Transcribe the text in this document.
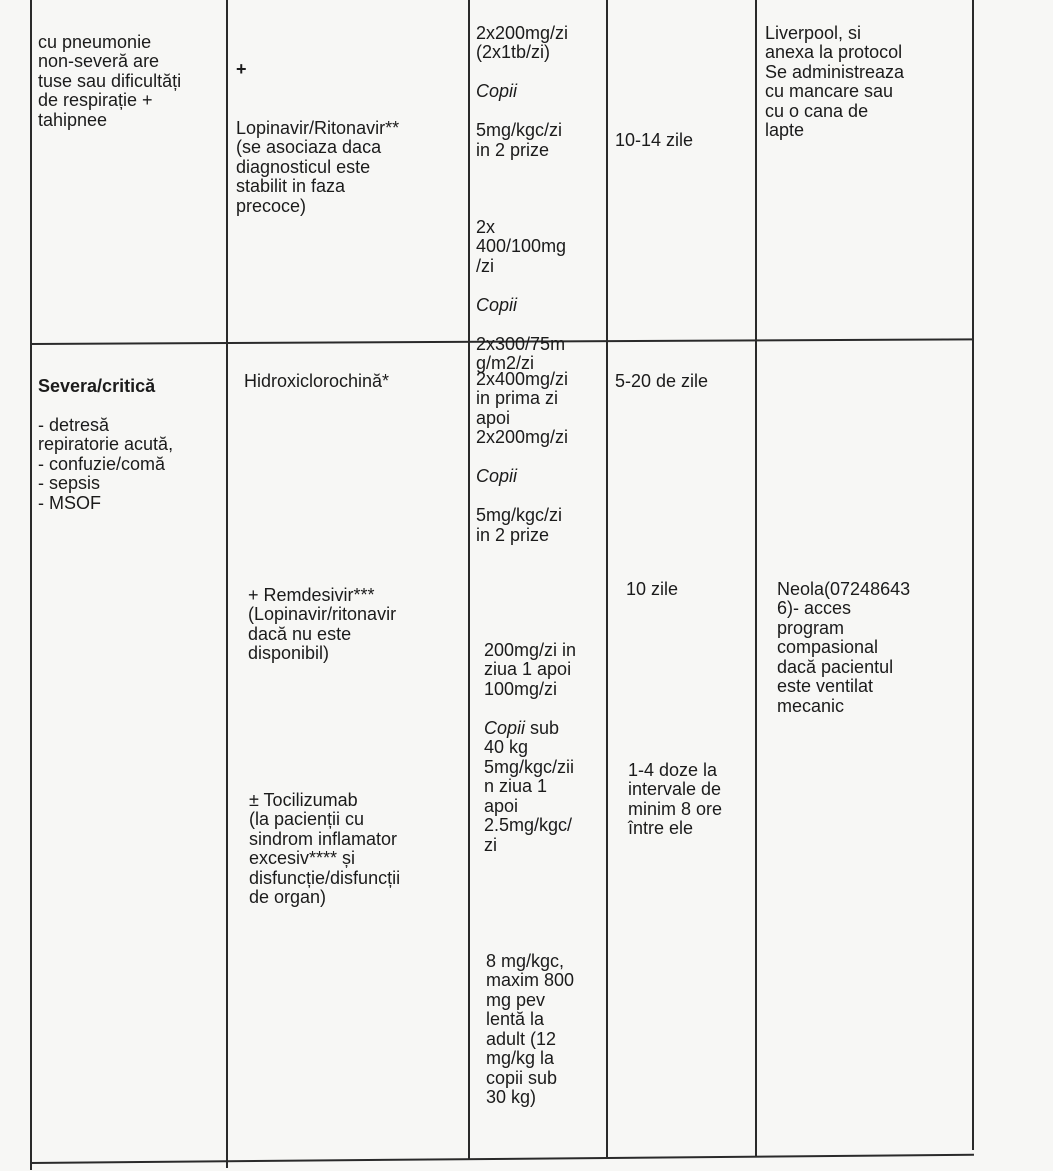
cu pneumonie
non-severă are
tuse sau dificultăți
de respirație +
tahipnee

+

Lopinavir/Ritonavir**
(se asociaza daca
diagnosticul este
stabilit in faza
precoce)

2x200mg/zi
(2x1tb/zi)

Copii

5mg/kgc/zi
in 2 prize

2x
400/100mg
/zi

Copii

2x300/75m
g/m2/zi

10-14 zile

Liverpool, si
anexa la protocol
Se administreaza
cu mancare sau
cu o cana de
lapte

Severa/critică

- detresă
repiratorie acută,
- confuzie/comă
- sepsis
- MSOF

Hidroxiclorochină*

+ Remdesivir***
(Lopinavir/ritonavir
dacă nu este
disponibil)

± Tocilizumab
(la pacienții cu
sindrom inflamator
excesiv**** și
disfuncție/disfuncții
de organ)

2x400mg/zi
in prima zi
apoi
2x200mg/zi

Copii

5mg/kgc/zi
in 2 prize

200mg/zi in
ziua 1 apoi
100mg/zi

Copii sub
40 kg
5mg/kgc/zii
n ziua 1
apoi
2.5mg/kgc/
zi

8 mg/kgc,
maxim 800
mg pev
lentă la
adult (12
mg/kg la
copii sub
30 kg)

5-20 de zile

10 zile

1-4 doze la
intervale de
minim 8 ore
între ele

Neola(07248643
6)- acces
program
compasional
dacă pacientul
este ventilat
mecanic
